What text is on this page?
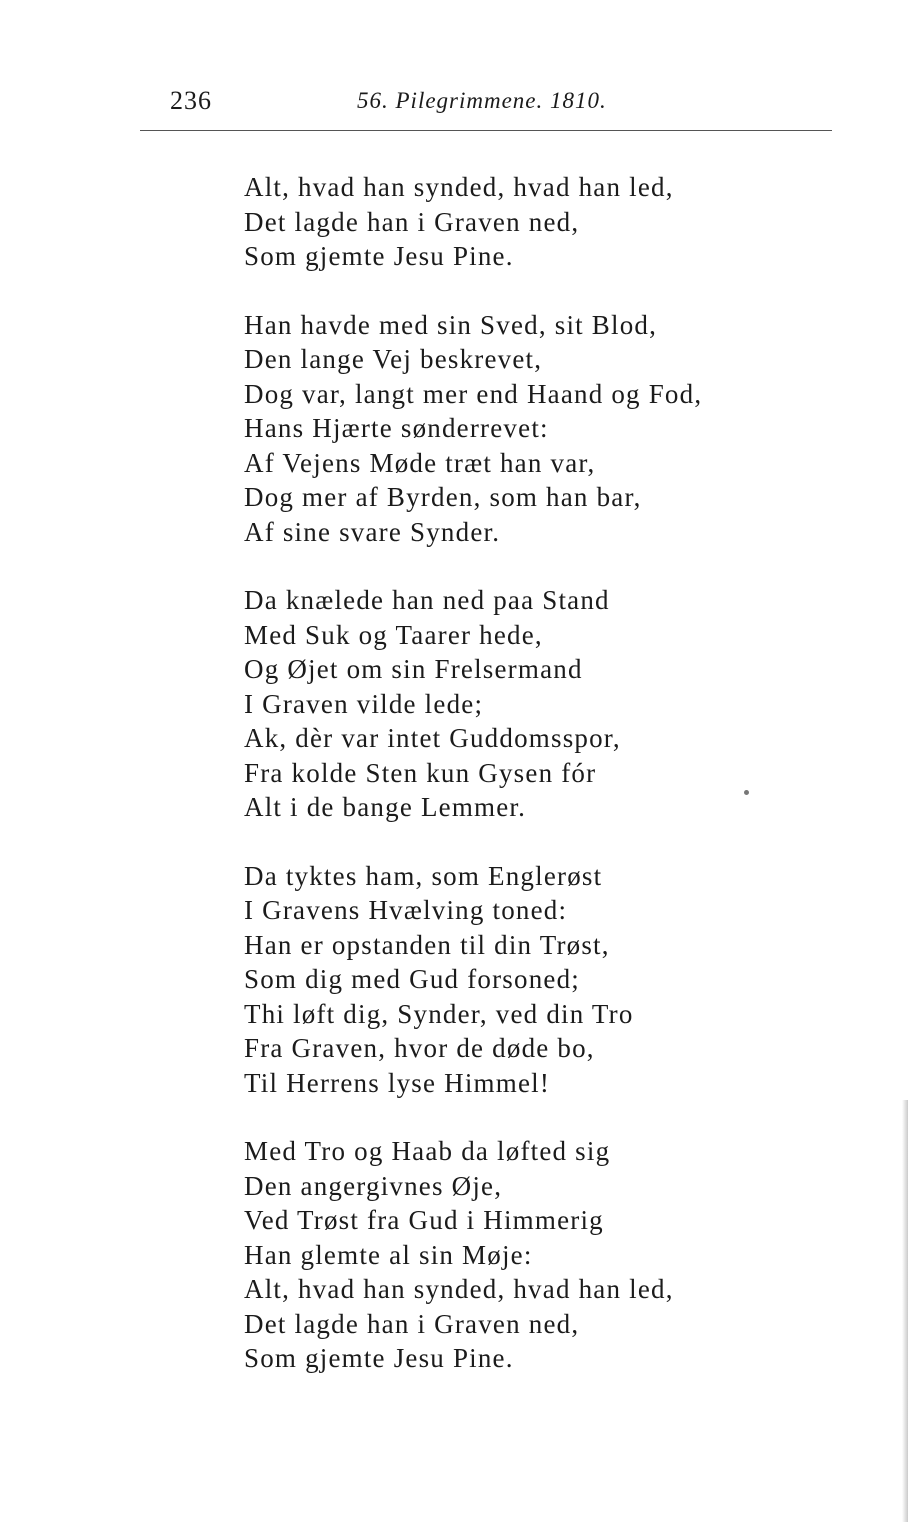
236	56. Pilegrimmene. 1810.
Alt, hvad han synded, hvad han led,
Det lagde han i Graven ned,
Som gjemte Jesu Pine.
Han havde med sin Sved, sit Blod,
Den lange Vej beskrevet,
Dog var, langt mer end Haand og Fod,
Hans Hjærte sønderrevet:
Af Vejens Møde træt han var,
Dog mer af Byrden, som han bar,
Af sine svare Synder.
Da knælede han ned paa Stand
Med Suk og Taarer hede,
Og Øjet om sin Frelsermand
I Graven vilde lede;
Ak, dèr var intet Guddomsspor,
Fra kolde Sten kun Gysen fór
Alt i de bange Lemmer.
Da tyktes ham, som Englerøst
I Gravens Hvælving toned:
Han er opstanden til din Trøst,
Som dig med Gud forsoned;
Thi løft dig, Synder, ved din Tro
Fra Graven, hvor de døde bo,
Til Herrens lyse Himmel!
Med Tro og Haab da løfted sig
Den angergivnes Øje,
Ved Trøst fra Gud i Himmerig
Han glemte al sin Møje:
Alt, hvad han synded, hvad han led,
Det lagde han i Graven ned,
Som gjemte Jesu Pine.
